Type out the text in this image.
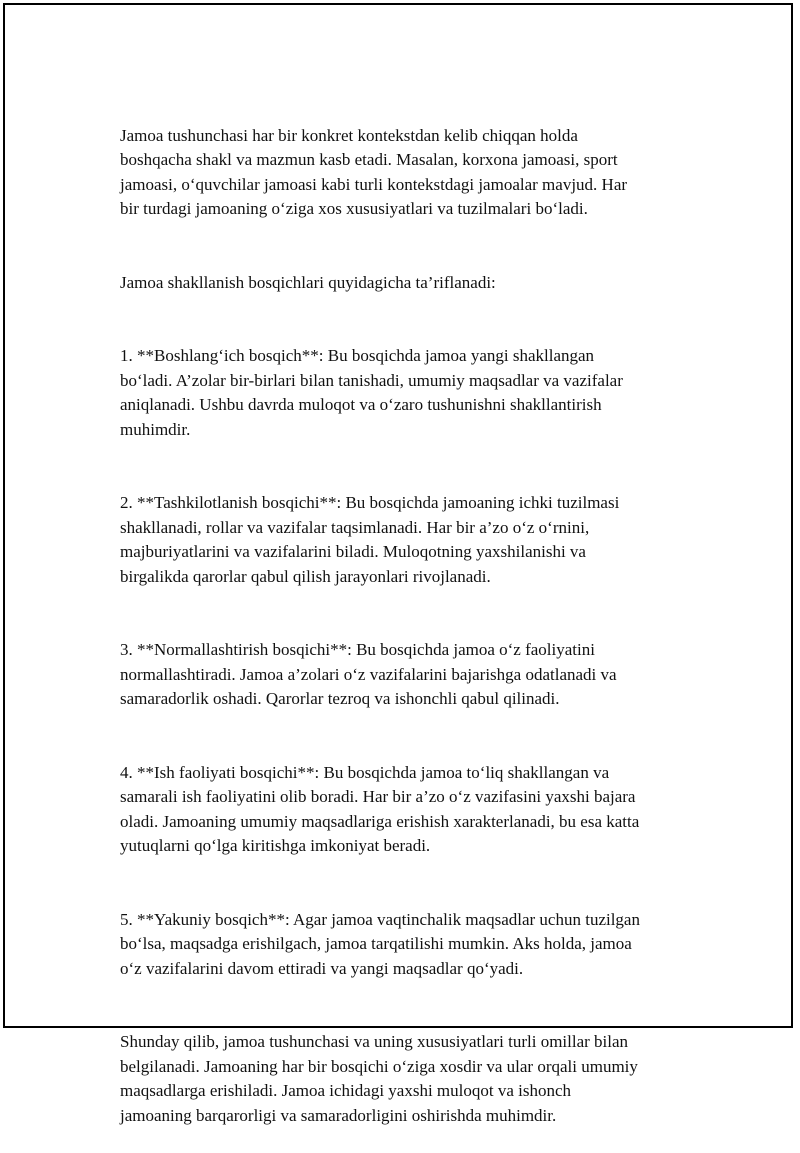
Jamoa tushunchasi har bir konkret kontekstdan kelib chiqqan holda
boshqacha shakl va mazmun kasb etadi. Masalan, korxona jamoasi, sport
jamoasi, o‘quvchilar jamoasi kabi turli kontekstdagi jamoalar mavjud. Har
bir turdagi jamoaning o‘ziga xos xususiyatlari va tuzilmalari bo‘ladi.

Jamoa shakllanish bosqichlari quyidagicha ta’riflanadi:

1. **Boshlang‘ich bosqich**: Bu bosqichda jamoa yangi shakllangan
bo‘ladi. A’zolar bir-birlari bilan tanishadi, umumiy maqsadlar va vazifalar
aniqlanadi. Ushbu davrda muloqot va o‘zaro tushunishni shakllantirish
muhimdir.

2. **Tashkilotlanish bosqichi**: Bu bosqichda jamoaning ichki tuzilmasi
shakllanadi, rollar va vazifalar taqsimlanadi. Har bir a’zo o‘z o‘rnini,
majburiyatlarini va vazifalarini biladi. Muloqotning yaxshilanishi va
birgalikda qarorlar qabul qilish jarayonlari rivojlanadi.

3. **Normallashtirish bosqichi**: Bu bosqichda jamoa o‘z faoliyatini
normallashtiradi. Jamoa a’zolari o‘z vazifalarini bajarishga odatlanadi va
samaradorlik oshadi. Qarorlar tezroq va ishonchli qabul qilinadi.

4. **Ish faoliyati bosqichi**: Bu bosqichda jamoa to‘liq shakllangan va
samarali ish faoliyatini olib boradi. Har bir a’zo o‘z vazifasini yaxshi bajara
oladi. Jamoaning umumiy maqsadlariga erishish xarakterlanadi, bu esa katta
yutuqlarni qo‘lga kiritishga imkoniyat beradi.

5. **Yakuniy bosqich**: Agar jamoa vaqtinchalik maqsadlar uchun tuzilgan
bo‘lsa, maqsadga erishilgach, jamoa tarqatilishi mumkin. Aks holda, jamoa
o‘z vazifalarini davom ettiradi va yangi maqsadlar qo‘yadi.

Shunday qilib, jamoa tushunchasi va uning xususiyatlari turli omillar bilan
belgilanadi. Jamoaning har bir bosqichi o‘ziga xosdir va ular orqali umumiy
maqsadlarga erishiladi. Jamoa ichidagi yaxshi muloqot va ishonch
jamoaning barqarorligi va samaradorligini oshirishda muhimdir.
